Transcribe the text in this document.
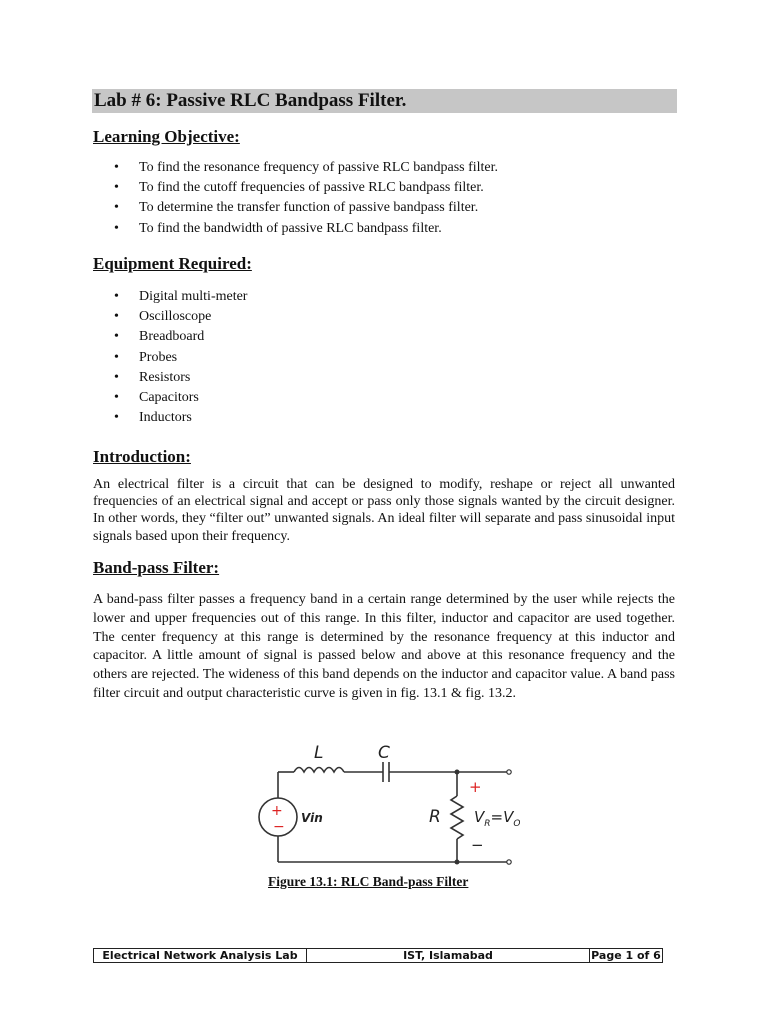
Lab # 6: Passive RLC Bandpass Filter.
Learning Objective:
• To find the resonance frequency of passive RLC bandpass filter.
• To find the cutoff frequencies of passive RLC bandpass filter.
• To determine the transfer function of passive bandpass filter.
• To find the bandwidth of passive RLC bandpass filter.
Equipment Required:
• Digital multi-meter
• Oscilloscope
• Breadboard
• Probes
• Resistors
• Capacitors
• Inductors
Introduction:
An electrical filter is a circuit that can be designed to modify, reshape or reject all unwanted frequencies of an electrical signal and accept or pass only those signals wanted by the circuit designer. In other words, they “filter out” unwanted signals. An ideal filter will separate and pass sinusoidal input signals based upon their frequency.
Band-pass Filter:
A band-pass filter passes a frequency band in a certain range determined by the user while rejects the lower and upper frequencies out of this range. In this filter, inductor and capacitor are used together. The center frequency at this range is determined by the resonance frequency at this inductor and capacitor. A little amount of signal is passed below and above at this resonance frequency and the others are rejected. The wideness of this band depends on the inductor and capacitor value. A band pass filter circuit and output characteristic curve is given in fig. 13.1 & fig. 13.2.
L	C
R
+
−
Vin
+
−
$V_R=V_O$
Figure 13.1: RLC Band-pass Filter
Electrical Network Analysis Lab	IST, Islamabad	Page 1 of 6
